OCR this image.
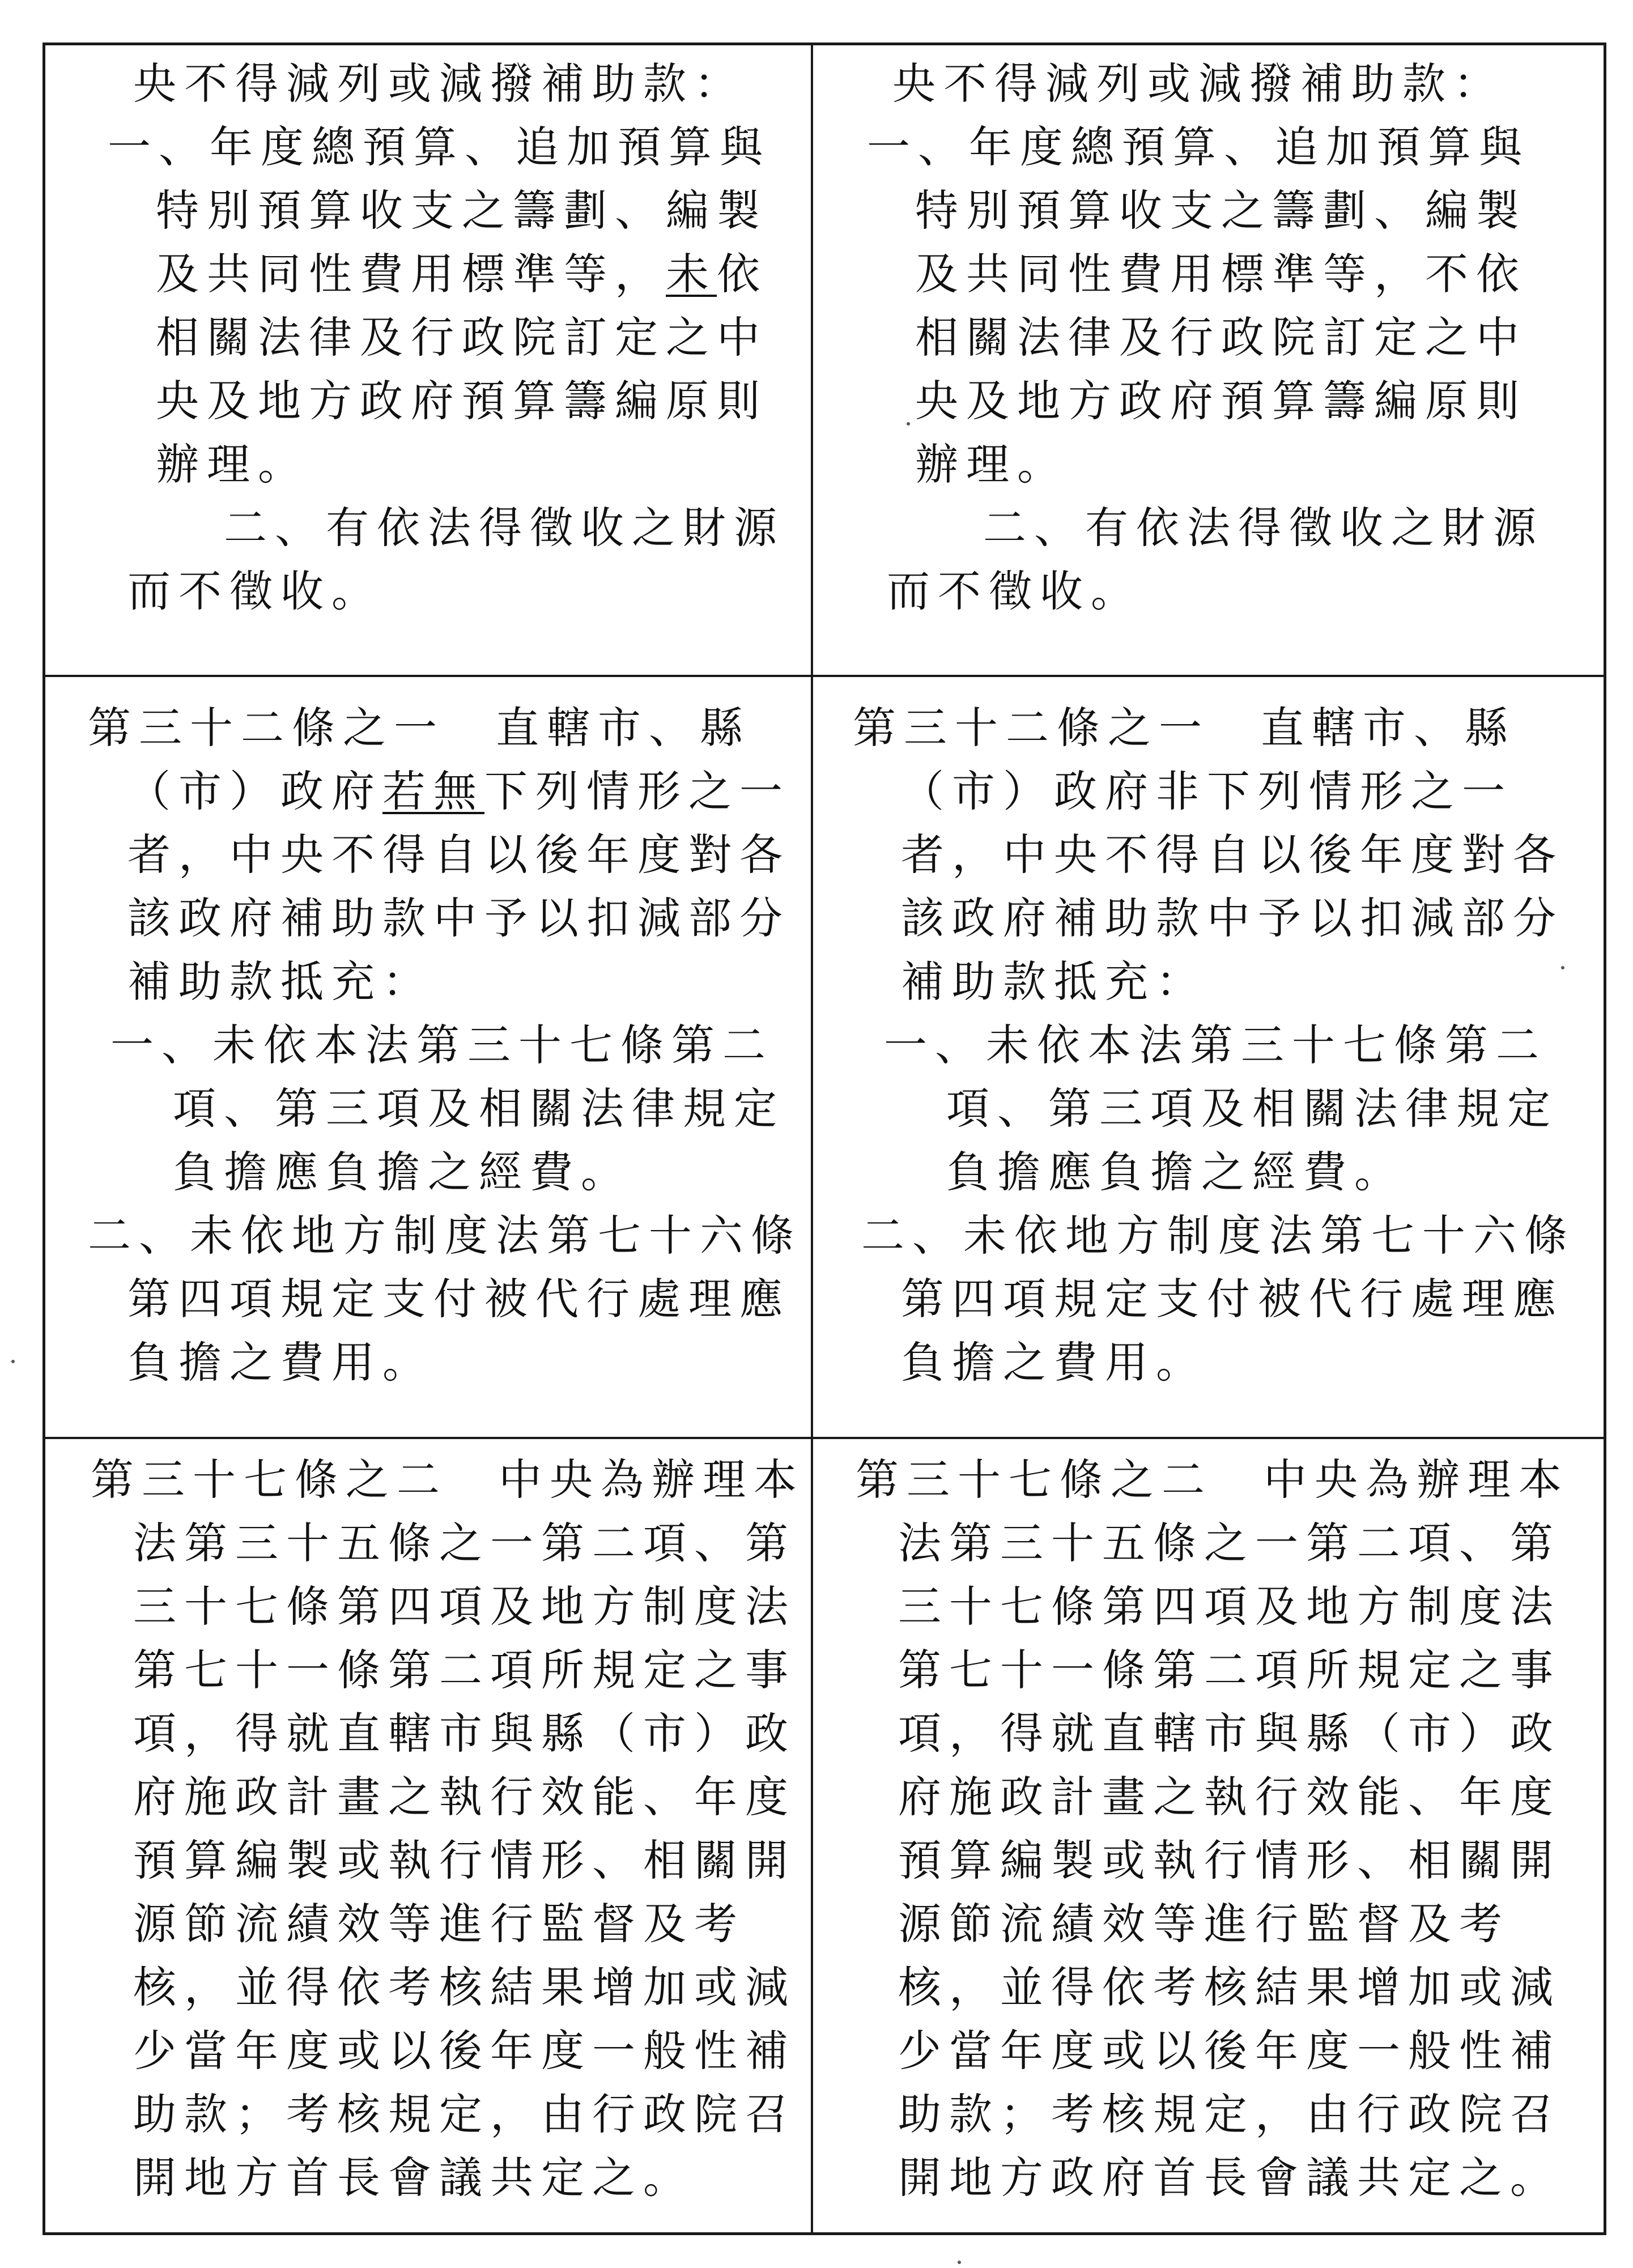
央不得減列或減撥補助款：
一、年度總預算、追加預算與
特別預算收支之籌劃、編製
及共同性費用標準等，未依
相關法律及行政院訂定之中
央及地方政府預算籌編原則
辦理。
二、有依法得徵收之財源
而不徵收。
央不得減列或減撥補助款：
一、年度總預算、追加預算與
特別預算收支之籌劃、編製
及共同性費用標準等，不依
相關法律及行政院訂定之中
央及地方政府預算籌編原則
辦理。
二、有依法得徵收之財源
而不徵收。
第三十二條之一　直轄市、縣
（市）政府若無下列情形之一
者，中央不得自以後年度對各
該政府補助款中予以扣減部分
補助款抵充：
一、未依本法第三十七條第二
項、第三項及相關法律規定
負擔應負擔之經費。
二、未依地方制度法第七十六條
第四項規定支付被代行處理應
負擔之費用。
第三十二條之一　直轄市、縣
（市）政府非下列情形之一
者，中央不得自以後年度對各
該政府補助款中予以扣減部分
補助款抵充：
一、未依本法第三十七條第二
項、第三項及相關法律規定
負擔應負擔之經費。
二、未依地方制度法第七十六條
第四項規定支付被代行處理應
負擔之費用。
第三十七條之二　中央為辦理本
法第三十五條之一第二項、第
三十七條第四項及地方制度法
第七十一條第二項所規定之事
項，得就直轄市與縣（市）政
府施政計畫之執行效能、年度
預算編製或執行情形、相關開
源節流績效等進行監督及考
核，並得依考核結果增加或減
少當年度或以後年度一般性補
助款；考核規定，由行政院召
開地方首長會議共定之。
第三十七條之二　中央為辦理本
法第三十五條之一第二項、第
三十七條第四項及地方制度法
第七十一條第二項所規定之事
項，得就直轄市與縣（市）政
府施政計畫之執行效能、年度
預算編製或執行情形、相關開
源節流績效等進行監督及考
核，並得依考核結果增加或減
少當年度或以後年度一般性補
助款；考核規定，由行政院召
開地方政府首長會議共定之。
